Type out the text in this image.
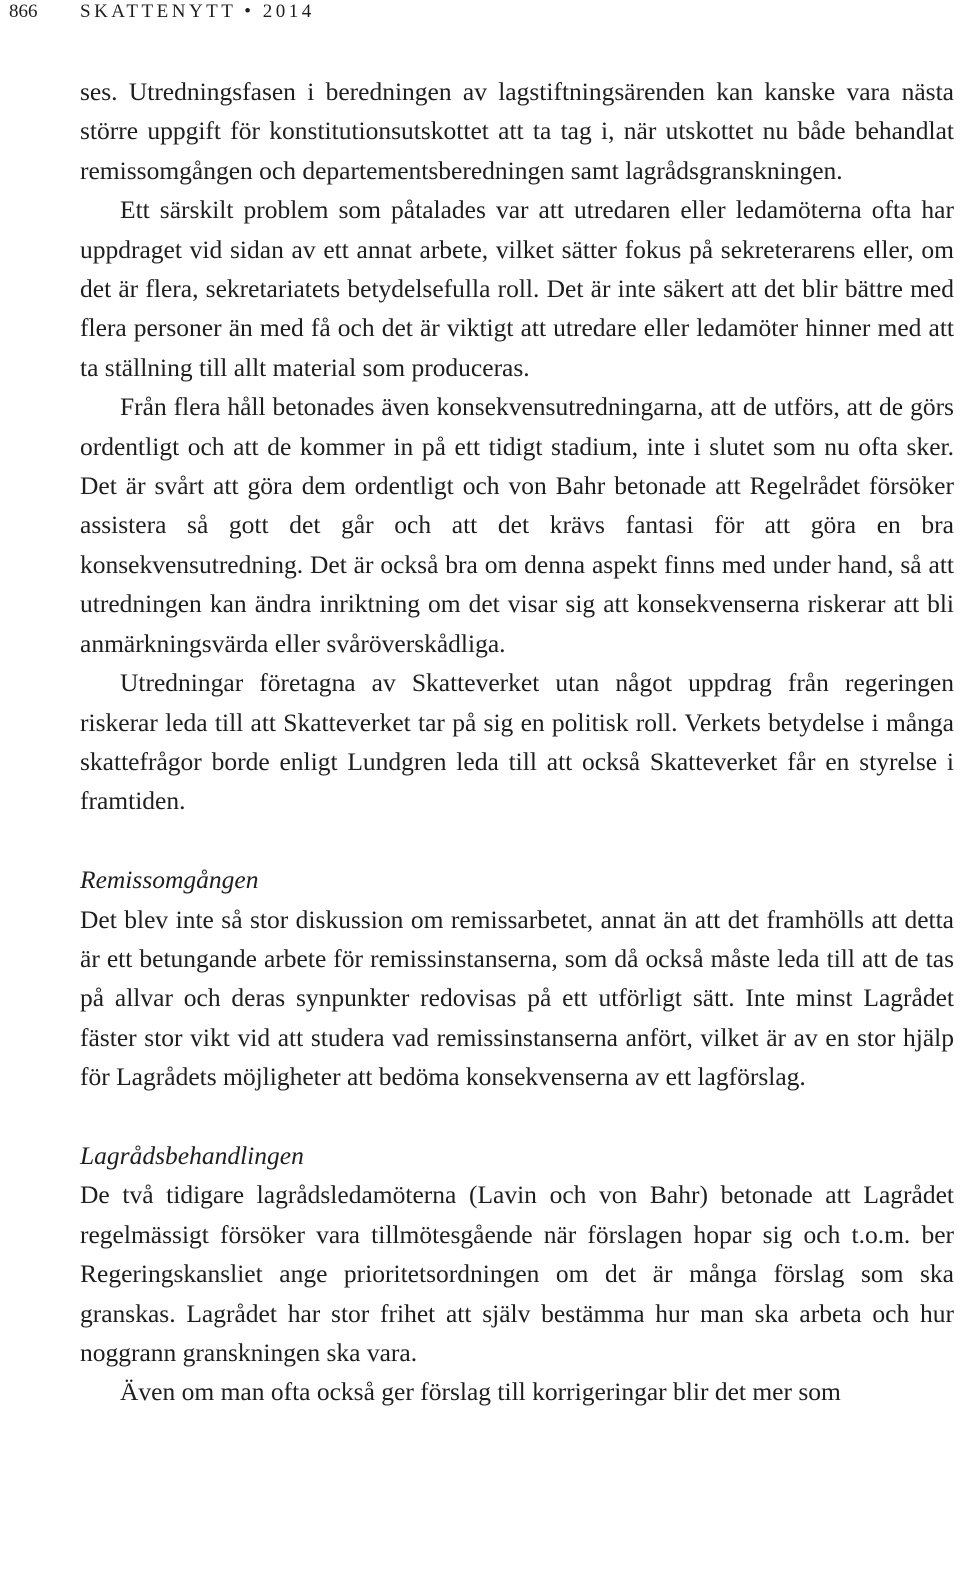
866 SKATTENYTT • 2014

ses. Utredningsfasen i beredningen av lagstiftningsärenden kan kanske vara nästa större uppgift för konstitutionsutskottet att ta tag i, när utskottet nu både behandlat remissomgången och departementsberedningen samt lagrådsgranskningen.

Ett särskilt problem som påtalades var att utredaren eller ledamöterna ofta har uppdraget vid sidan av ett annat arbete, vilket sätter fokus på sekreterarens eller, om det är flera, sekretariatets betydelsefulla roll. Det är inte säkert att det blir bättre med flera personer än med få och det är viktigt att utredare eller ledamöter hinner med att ta ställning till allt material som produceras.

Från flera håll betonades även konsekvensutredningarna, att de utförs, att de görs ordentligt och att de kommer in på ett tidigt stadium, inte i slutet som nu ofta sker. Det är svårt att göra dem ordentligt och von Bahr betonade att Regelrådet försöker assistera så gott det går och att det krävs fantasi för att göra en bra konsekvensutredning. Det är också bra om denna aspekt finns med under hand, så att utredningen kan ändra inriktning om det visar sig att konsekvenserna riskerar att bli anmärkningsvärda eller svåröverskådliga.

Utredningar företagna av Skatteverket utan något uppdrag från regeringen riskerar leda till att Skatteverket tar på sig en politisk roll. Verkets betydelse i många skattefrågor borde enligt Lundgren leda till att också Skatteverket får en styrelse i framtiden.

Remissomgången

Det blev inte så stor diskussion om remissarbetet, annat än att det framhölls att detta är ett betungande arbete för remissinstanserna, som då också måste leda till att de tas på allvar och deras synpunkter redovisas på ett utförligt sätt. Inte minst Lagrådet fäster stor vikt vid att studera vad remissinstanserna anfört, vilket är av en stor hjälp för Lagrådets möjligheter att bedöma konsekvenserna av ett lagförslag.

Lagrådsbehandlingen

De två tidigare lagrådsledamöterna (Lavin och von Bahr) betonade att Lagrådet regelmässigt försöker vara tillmötesgående när förslagen hopar sig och t.o.m. ber Regeringskansliet ange prioritetsordningen om det är många förslag som ska granskas. Lagrådet har stor frihet att själv bestämma hur man ska arbeta och hur noggrann granskningen ska vara.

Även om man ofta också ger förslag till korrigeringar blir det mer som
